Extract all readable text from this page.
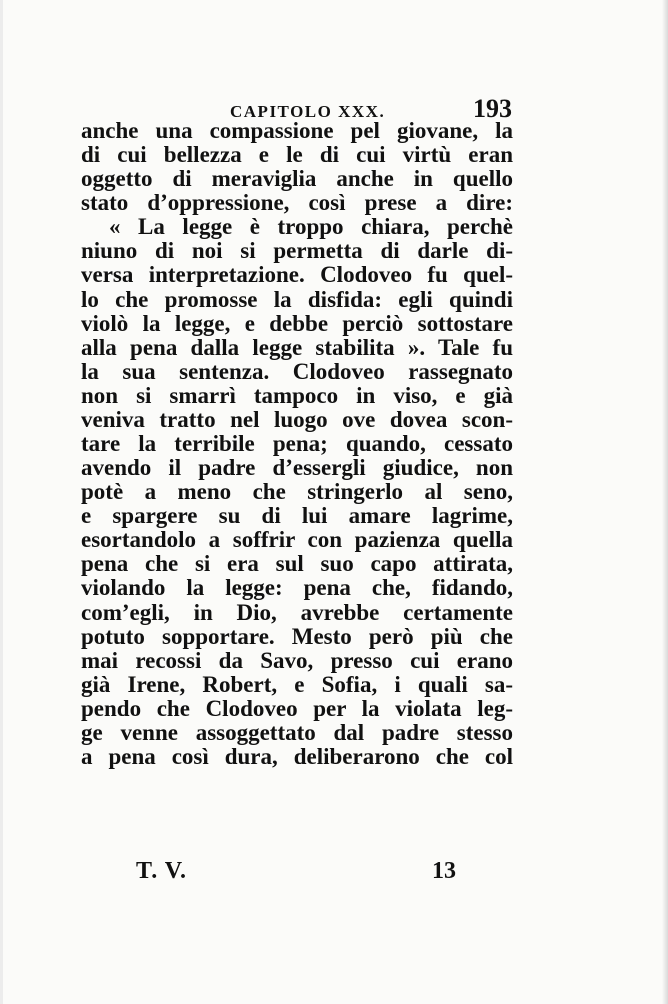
CAPITOLO XXX.	193
anche una compassione pel giovane, la
di cui bellezza e le di cui virtù eran
oggetto di meraviglia anche in quello
stato d’oppressione, così prese a dire:
« La legge è troppo chiara, perchè
niuno di noi si permetta di darle di-
versa interpretazione. Clodoveo fu quel-
lo che promosse la disfida: egli quindi
violò la legge, e debbe perciò sottostare
alla pena dalla legge stabilita ». Tale fu
la sua sentenza. Clodoveo rassegnato
non si smarrì tampoco in viso, e già
veniva tratto nel luogo ove dovea scon-
tare la terribile pena; quando, cessato
avendo il padre d’essergli giudice, non
potè a meno che stringerlo al seno,
e spargere su di lui amare lagrime,
esortandolo a soffrir con pazienza quella
pena che si era sul suo capo attirata,
violando la legge: pena che, fidando,
com’egli, in Dio, avrebbe certamente
potuto sopportare. Mesto però più che
mai recossi da Savo, presso cui erano
già Irene, Robert, e Sofia, i quali sa-
pendo che Clodoveo per la violata leg-
ge venne assoggettato dal padre stesso
a pena così dura, deliberarono che col
T. V.	13
